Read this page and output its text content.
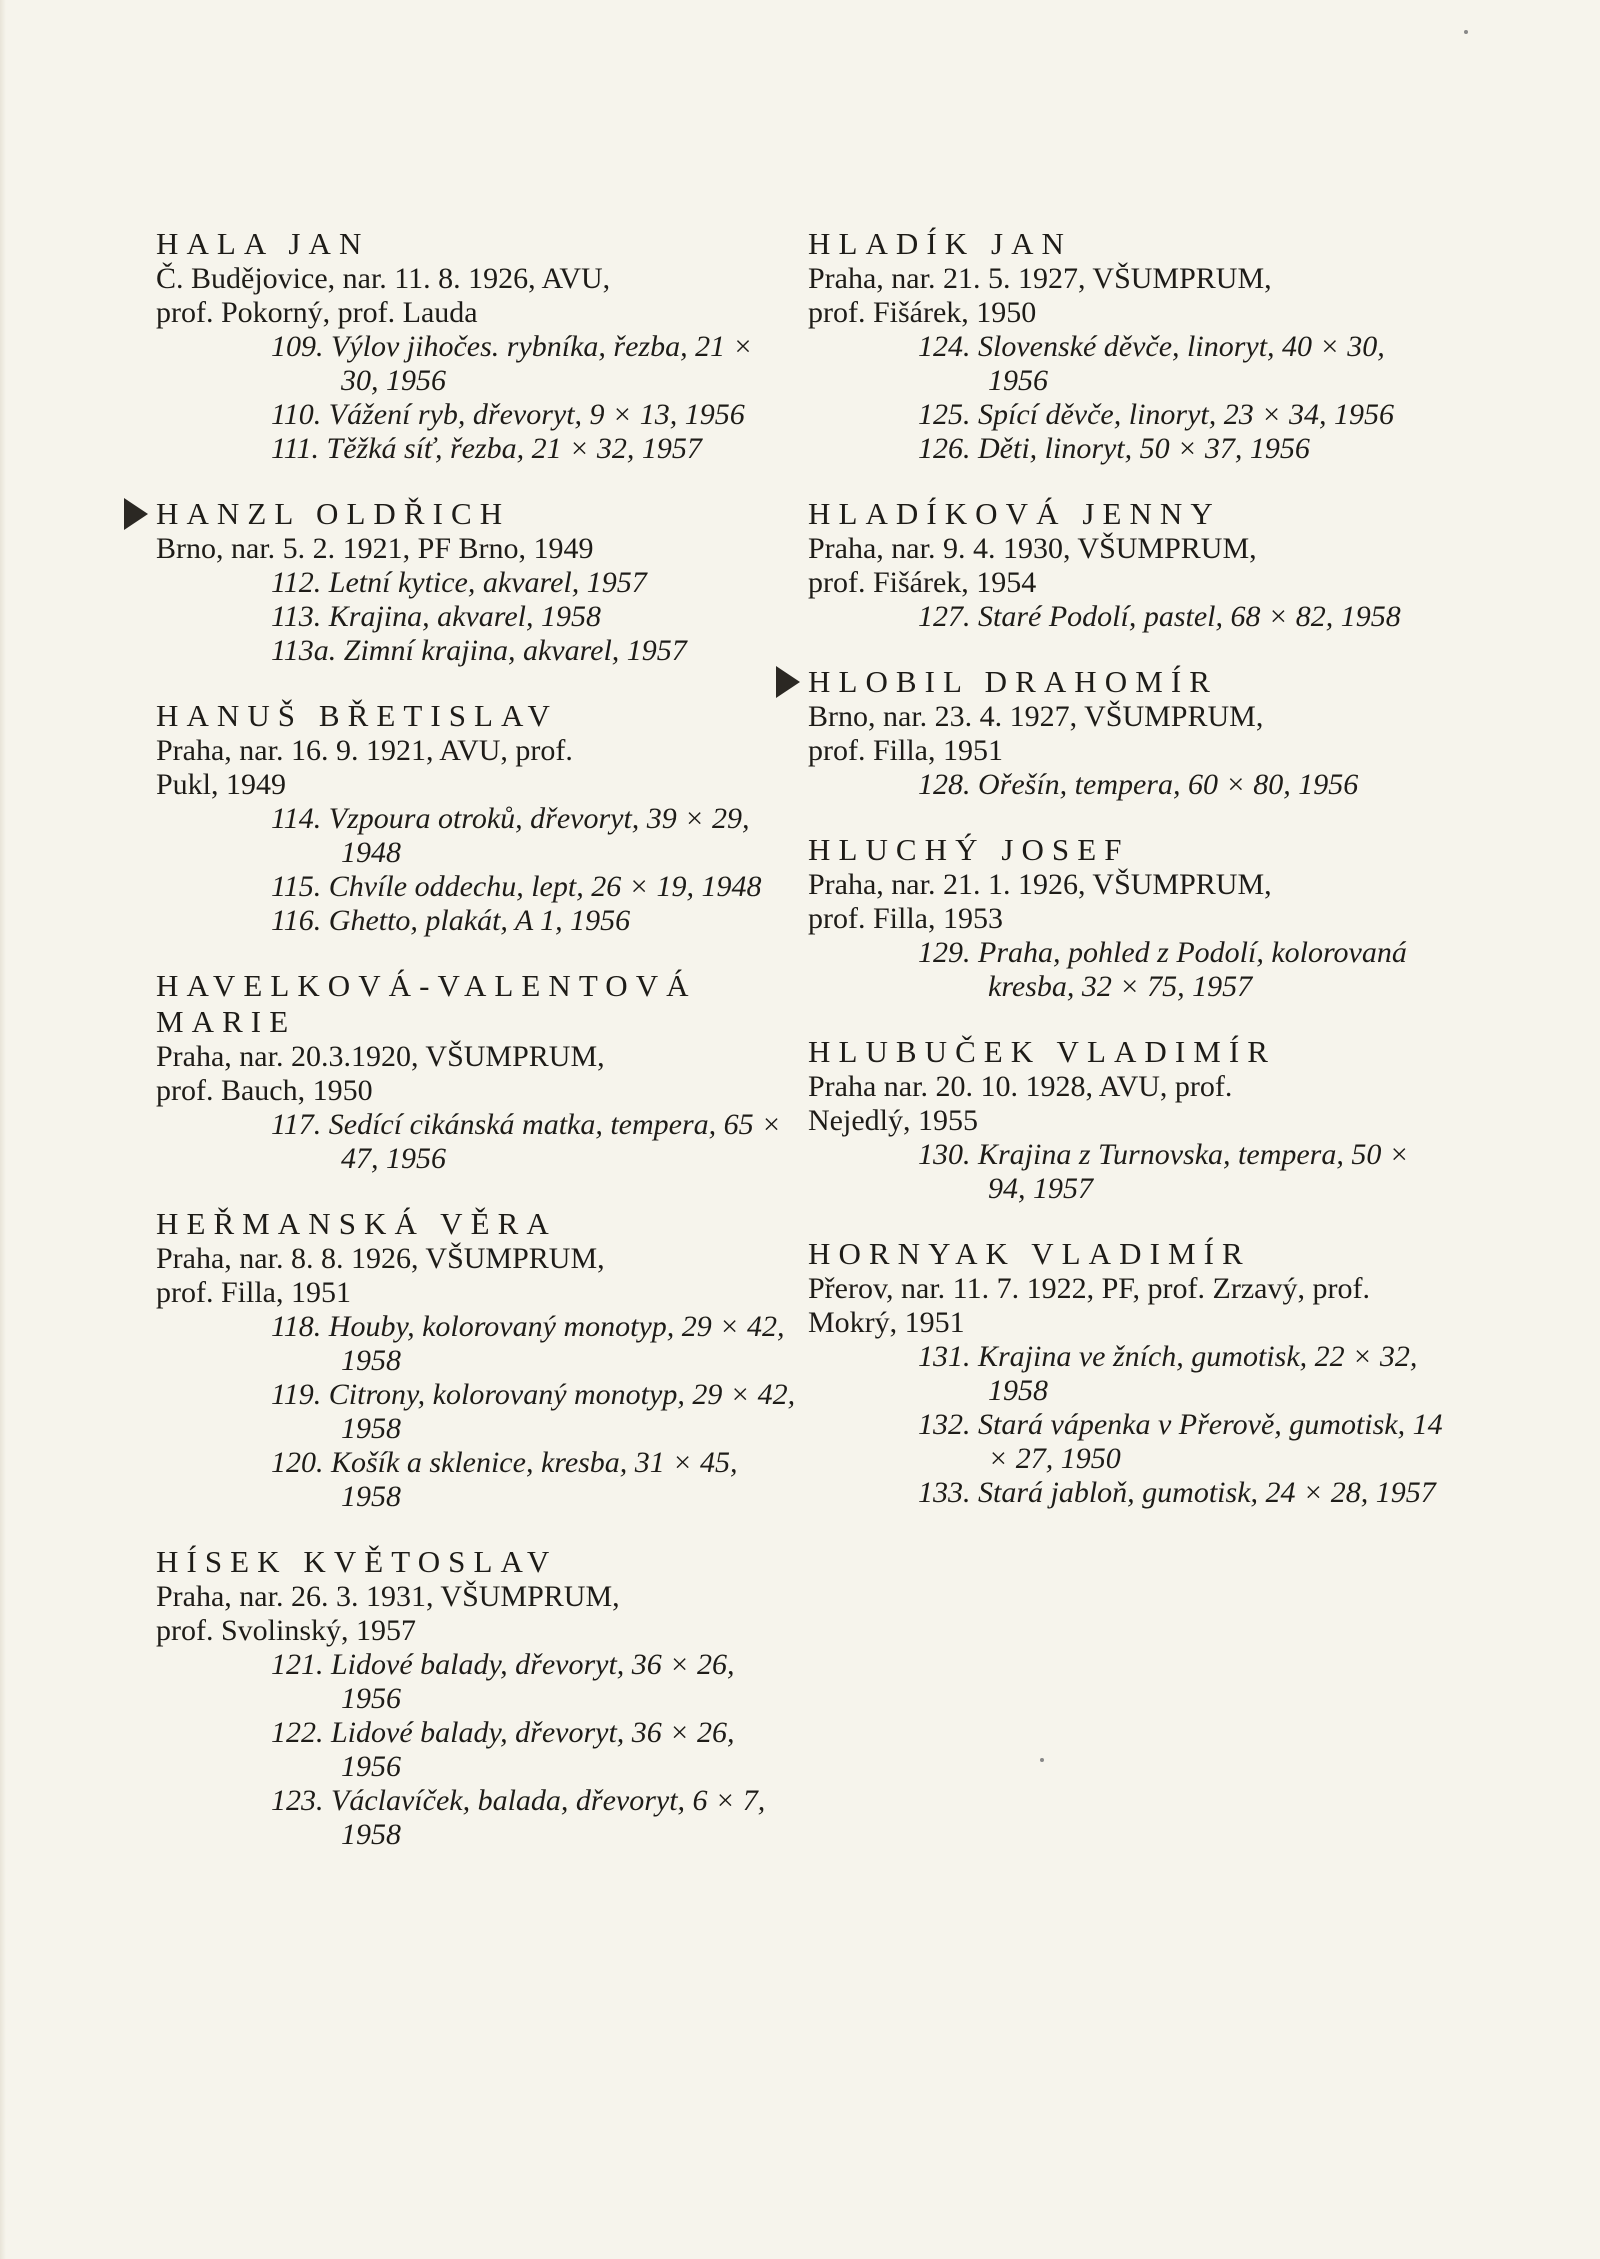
HALA JAN

Č. Budějovice, nar. 11. 8. 1926, AVU,
prof. Pokorný, prof. Lauda

109. Výlov jihočes. rybníka, řezba, 21 × 30, 1956
110. Vážení ryb, dřevoryt, 9 × 13, 1956
111. Těžká síť, řezba, 21 × 32, 1957

HANZL OLDŘICH

Brno, nar. 5. 2. 1921, PF Brno, 1949

112. Letní kytice, akvarel, 1957
113. Krajina, akvarel, 1958
113a. Zimní krajina, akvarel, 1957

HANUŠ BŘETISLAV

Praha, nar. 16. 9. 1921, AVU, prof.
Pukl, 1949

114. Vzpoura otroků, dřevoryt, 39 × 29, 1948
115. Chvíle oddechu, lept, 26 × 19, 1948
116. Ghetto, plakát, A 1, 1956

HAVELKOVÁ-VALENTOVÁ MARIE

Praha, nar. 20.3.1920, VŠUMPRUM,
prof. Bauch, 1950

117. Sedící cikánská matka, tempera, 65 × 47, 1956

HEŘMANSKÁ VĚRA

Praha, nar. 8. 8. 1926, VŠUMPRUM,
prof. Filla, 1951

118. Houby, kolorovaný monotyp, 29 × 42, 1958
119. Citrony, kolorovaný monotyp, 29 × 42, 1958
120. Košík a sklenice, kresba, 31 × 45, 1958

HÍSEK KVĚTOSLAV

Praha, nar. 26. 3. 1931, VŠUMPRUM,
prof. Svolinský, 1957

121. Lidové balady, dřevoryt, 36 × 26, 1956
122. Lidové balady, dřevoryt, 36 × 26, 1956
123. Václavíček, balada, dřevoryt, 6 × 7, 1958

HLADÍK JAN

Praha, nar. 21. 5. 1927, VŠUMPRUM,
prof. Fišárek, 1950

124. Slovenské děvče, linoryt, 40 × 30, 1956
125. Spící děvče, linoryt, 23 × 34, 1956
126. Děti, linoryt, 50 × 37, 1956

HLADÍKOVÁ JENNY

Praha, nar. 9. 4. 1930, VŠUMPRUM,
prof. Fišárek, 1954

127. Staré Podolí, pastel, 68 × 82, 1958

HLOBIL DRAHOMÍR

Brno, nar. 23. 4. 1927, VŠUMPRUM,
prof. Filla, 1951

128. Ořešín, tempera, 60 × 80, 1956

HLUCHÝ JOSEF

Praha, nar. 21. 1. 1926, VŠUMPRUM,
prof. Filla, 1953

129. Praha, pohled z Podolí, kolorovaná kresba, 32 × 75, 1957

HLUBUČEK VLADIMÍR

Praha nar. 20. 10. 1928, AVU, prof.
Nejedlý, 1955

130. Krajina z Turnovska, tempera, 50 × 94, 1957

HORNYAK VLADIMÍR

Přerov, nar. 11. 7. 1922, PF, prof. Zrzavý, prof. Mokrý, 1951

131. Krajina ve žních, gumotisk, 22 × 32, 1958
132. Stará vápenka v Přerově, gumotisk, 14 × 27, 1950
133. Stará jabloň, gumotisk, 24 × 28, 1957
